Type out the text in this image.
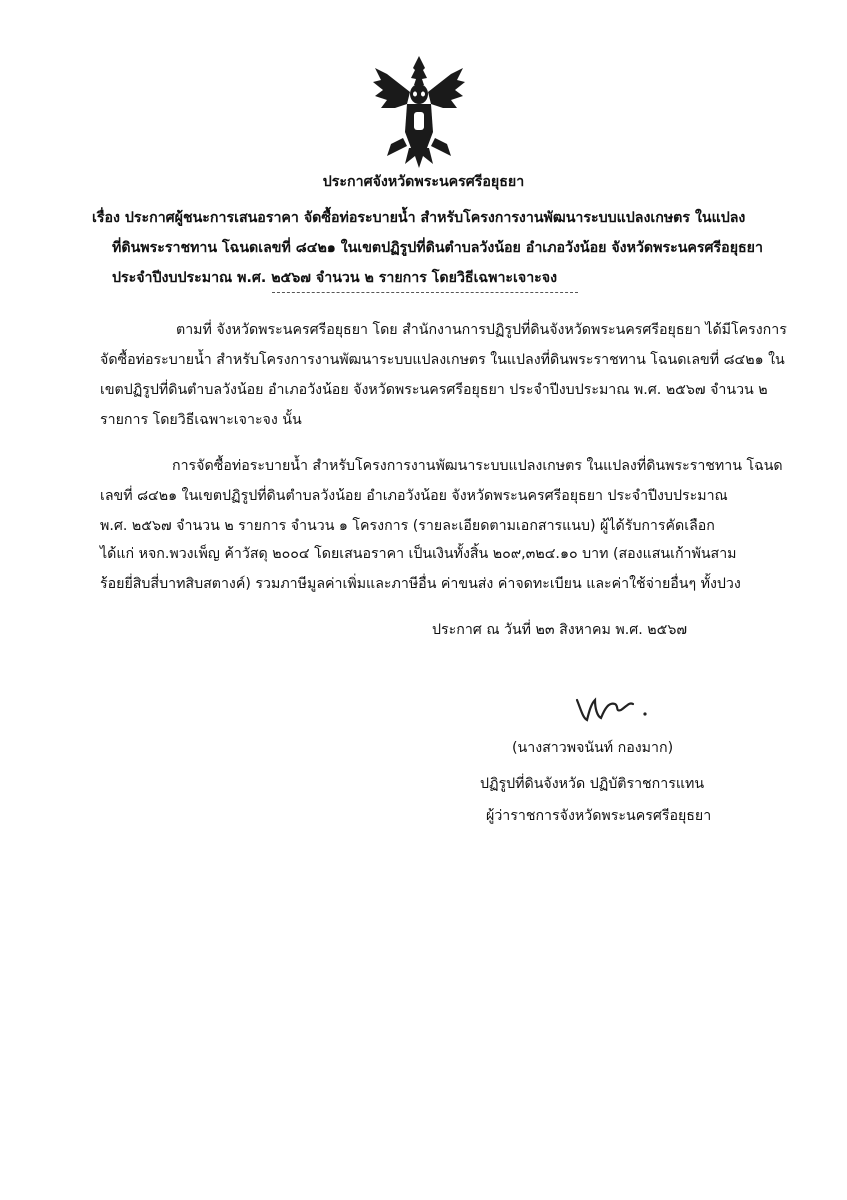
ประกาศจังหวัดพระนครศรีอยุธยา
เรื่อง ประกาศผู้ชนะการเสนอราคา จัดซื้อท่อระบายน้ำ สำหรับโครงการงานพัฒนาระบบแปลงเกษตร ในแปลง
ที่ดินพระราชทาน โฉนดเลขที่ ๘๔๒๑ ในเขตปฏิรูปที่ดินตำบลวังน้อย อำเภอวังน้อย จังหวัดพระนครศรีอยุธยา
ประจำปีงบประมาณ พ.ศ. ๒๕๖๗ จำนวน ๒ รายการ โดยวิธีเฉพาะเจาะจง
ตามที่ จังหวัดพระนครศรีอยุธยา โดย สำนักงานการปฏิรูปที่ดินจังหวัดพระนครศรีอยุธยา ได้มีโครงการ
จัดซื้อท่อระบายน้ำ สำหรับโครงการงานพัฒนาระบบแปลงเกษตร ในแปลงที่ดินพระราชทาน โฉนดเลขที่ ๘๔๒๑ ใน
เขตปฏิรูปที่ดินตำบลวังน้อย อำเภอวังน้อย จังหวัดพระนครศรีอยุธยา ประจำปีงบประมาณ พ.ศ. ๒๕๖๗ จำนวน ๒
รายการ โดยวิธีเฉพาะเจาะจง นั้น
การจัดซื้อท่อระบายน้ำ สำหรับโครงการงานพัฒนาระบบแปลงเกษตร ในแปลงที่ดินพระราชทาน โฉนด
เลขที่ ๘๔๒๑ ในเขตปฏิรูปที่ดินตำบลวังน้อย อำเภอวังน้อย จังหวัดพระนครศรีอยุธยา ประจำปีงบประมาณ
พ.ศ. ๒๕๖๗ จำนวน ๒ รายการ จำนวน ๑ โครงการ (รายละเอียดตามเอกสารแนบ) ผู้ได้รับการคัดเลือก
ได้แก่ หจก.พวงเพ็ญ ค้าวัสดุ ๒๐๐๔ โดยเสนอราคา เป็นเงินทั้งสิ้น ๒๐๙,๓๒๔.๑๐ บาท (สองแสนเก้าพันสาม
ร้อยยี่สิบสี่บาทสิบสตางค์) รวมภาษีมูลค่าเพิ่มและภาษีอื่น ค่าขนส่ง ค่าจดทะเบียน และค่าใช้จ่ายอื่นๆ ทั้งปวง
ประกาศ ณ วันที่ ๒๓ สิงหาคม พ.ศ. ๒๕๖๗
(นางสาวพจนันท์ กองมาก)
ปฏิรูปที่ดินจังหวัด ปฏิบัติราชการแทน
ผู้ว่าราชการจังหวัดพระนครศรีอยุธยา
